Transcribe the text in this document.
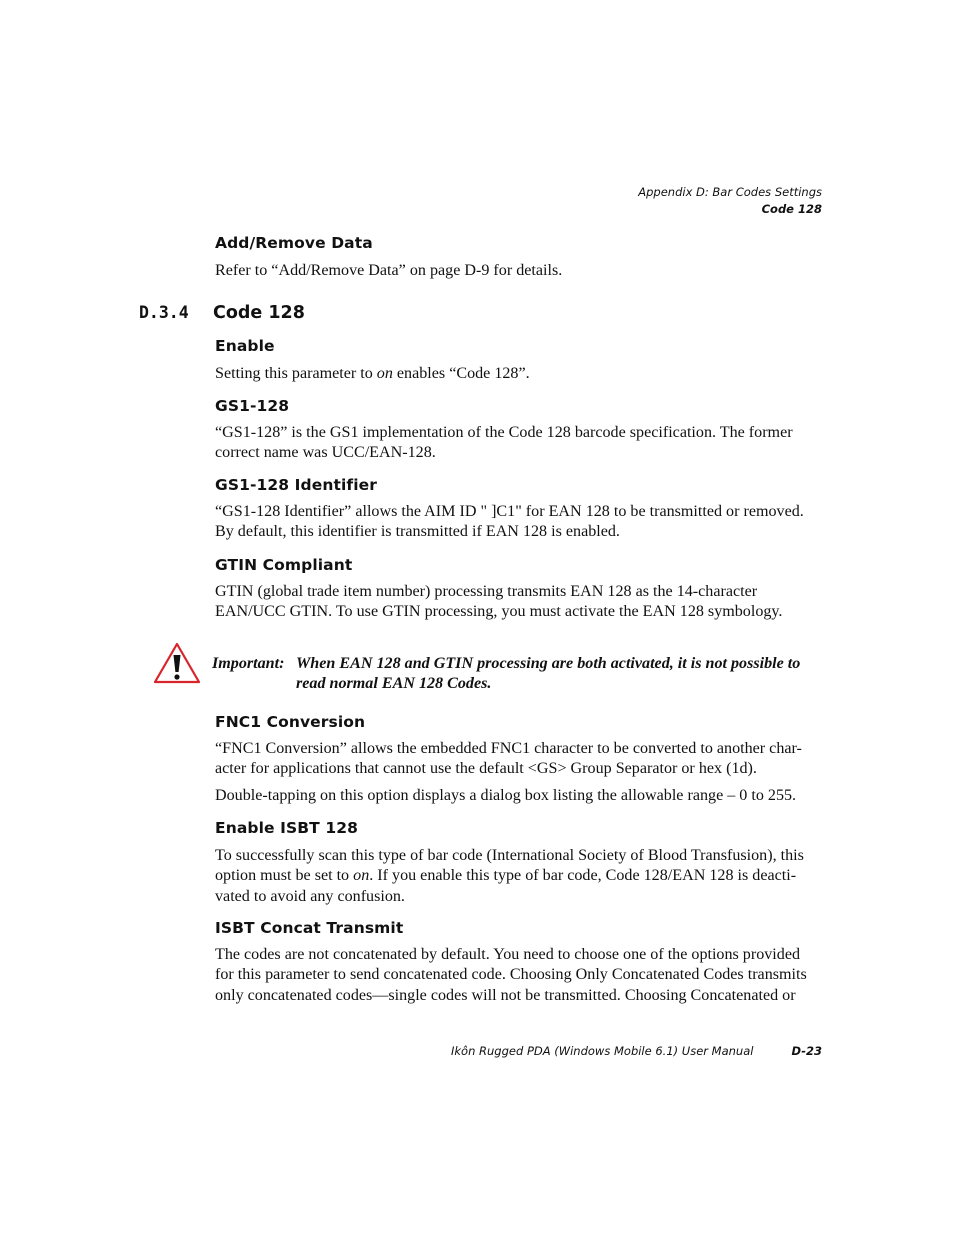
Appendix D: Bar Codes Settings
Code 128
Add/Remove Data
Refer to “Add/Remove Data” on page D-9 for details.
D.3.4 Code 128
Enable
Setting this parameter to on enables “Code 128”.
GS1-128
“GS1-128” is the GS1 implementation of the Code 128 barcode specification. The former
correct name was UCC/EAN-128.
GS1-128 Identifier
“GS1-128 Identifier” allows the AIM ID " ]C1" for EAN 128 to be transmitted or removed.
By default, this identifier is transmitted if EAN 128 is enabled.
GTIN Compliant
GTIN (global trade item number) processing transmits EAN 128 as the 14-character
EAN/UCC GTIN. To use GTIN processing, you must activate the EAN 128 symbology.
Important: When EAN 128 and GTIN processing are both activated, it is not possible to
read normal EAN 128 Codes.
FNC1 Conversion
“FNC1 Conversion” allows the embedded FNC1 character to be converted to another char-
acter for applications that cannot use the default <GS> Group Separator or hex (1d).
Double-tapping on this option displays a dialog box listing the allowable range – 0 to 255.
Enable ISBT 128
To successfully scan this type of bar code (International Society of Blood Transfusion), this
option must be set to on. If you enable this type of bar code, Code 128/EAN 128 is deacti-
vated to avoid any confusion.
ISBT Concat Transmit
The codes are not concatenated by default. You need to choose one of the options provided
for this parameter to send concatenated code. Choosing Only Concatenated Codes transmits
only concatenated codes—single codes will not be transmitted. Choosing Concatenated or
Ikôn Rugged PDA (Windows Mobile 6.1) User Manual	D-23
